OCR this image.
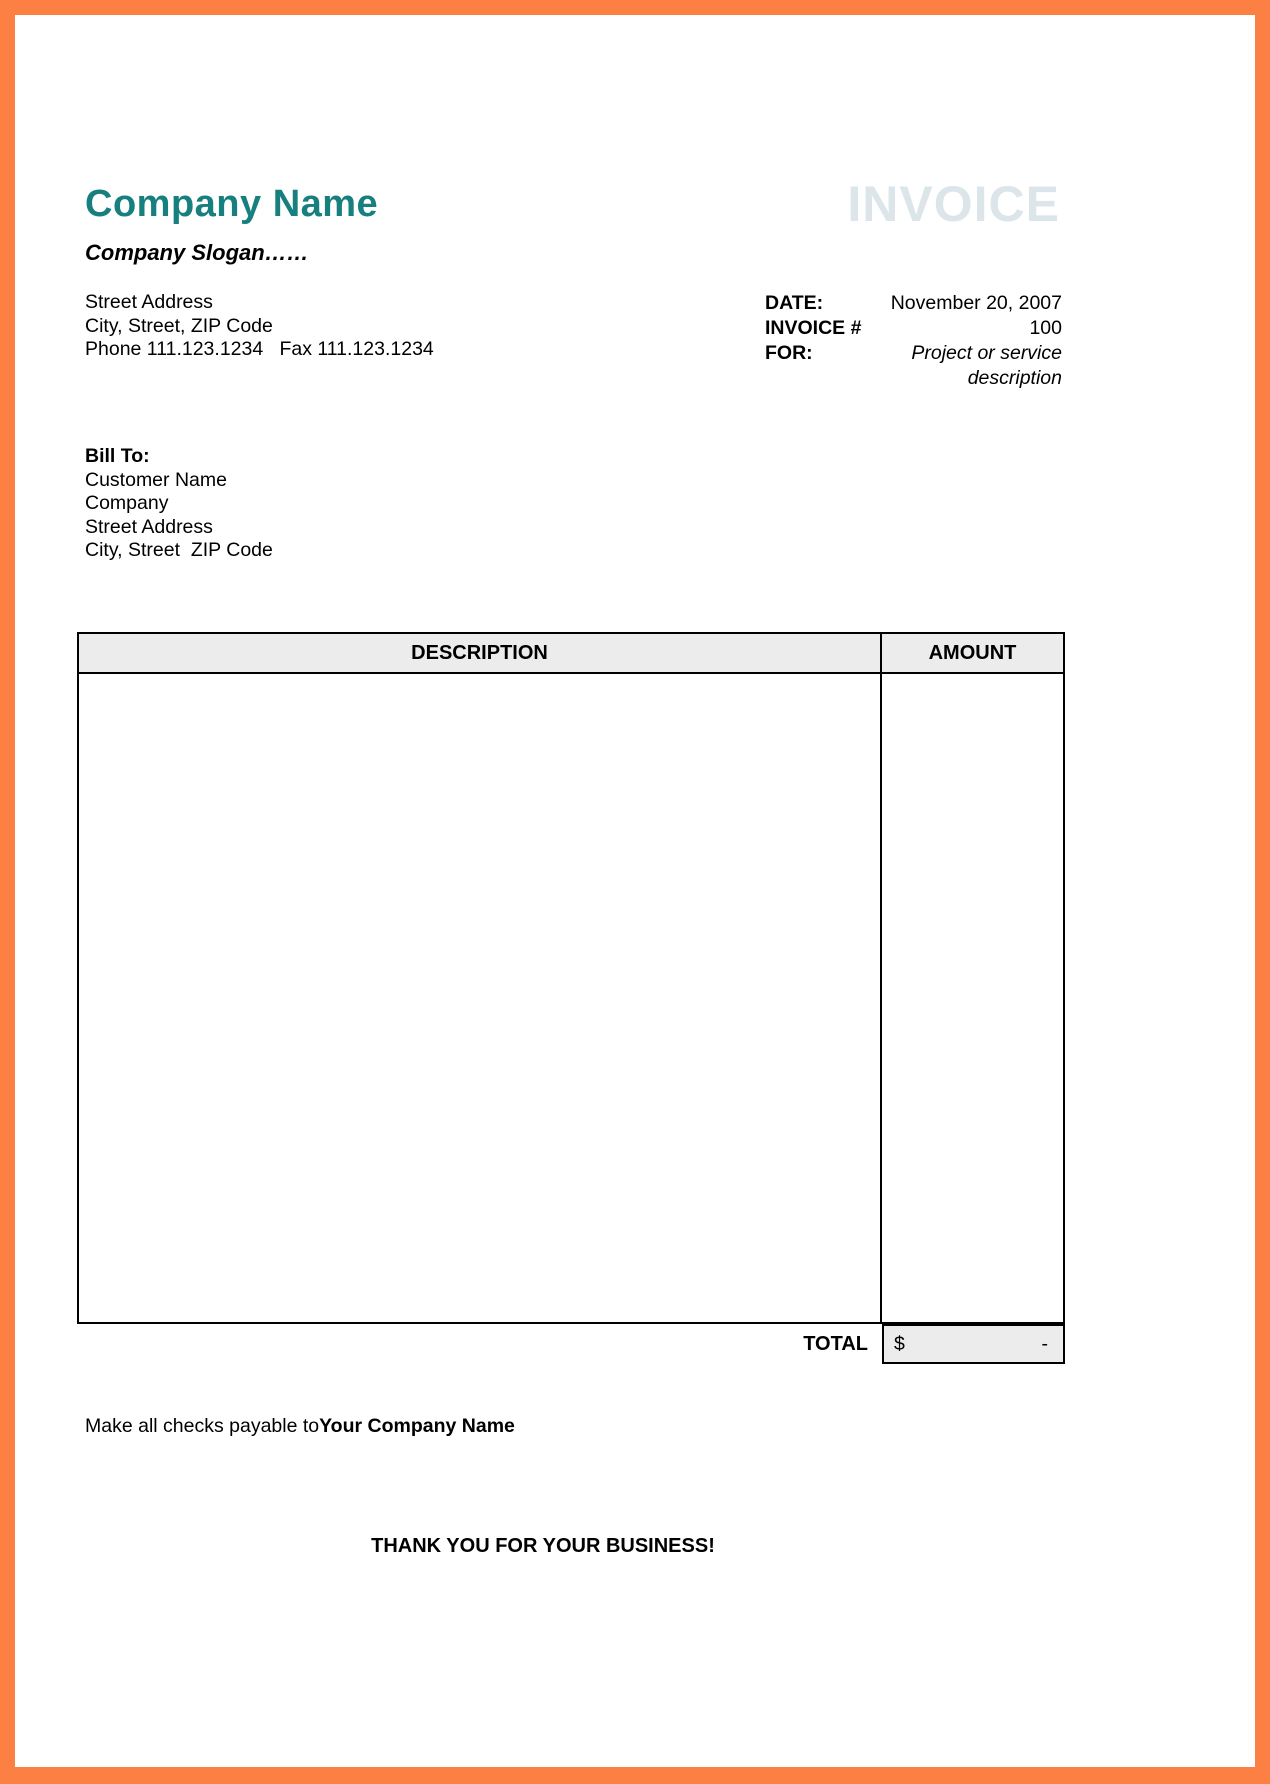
Company Name
Company Slogan……
Street Address
City, Street, ZIP Code
Phone 111.123.1234   Fax 111.123.1234
INVOICE
DATE:	November 20, 2007
INVOICE #	100
FOR:	Project or service
description
Bill To:
Customer Name
Company
Street Address
City, Street  ZIP Code
DESCRIPTION	AMOUNT
TOTAL	$	-
Make all checks payable toYour Company Name
THANK YOU FOR YOUR BUSINESS!
